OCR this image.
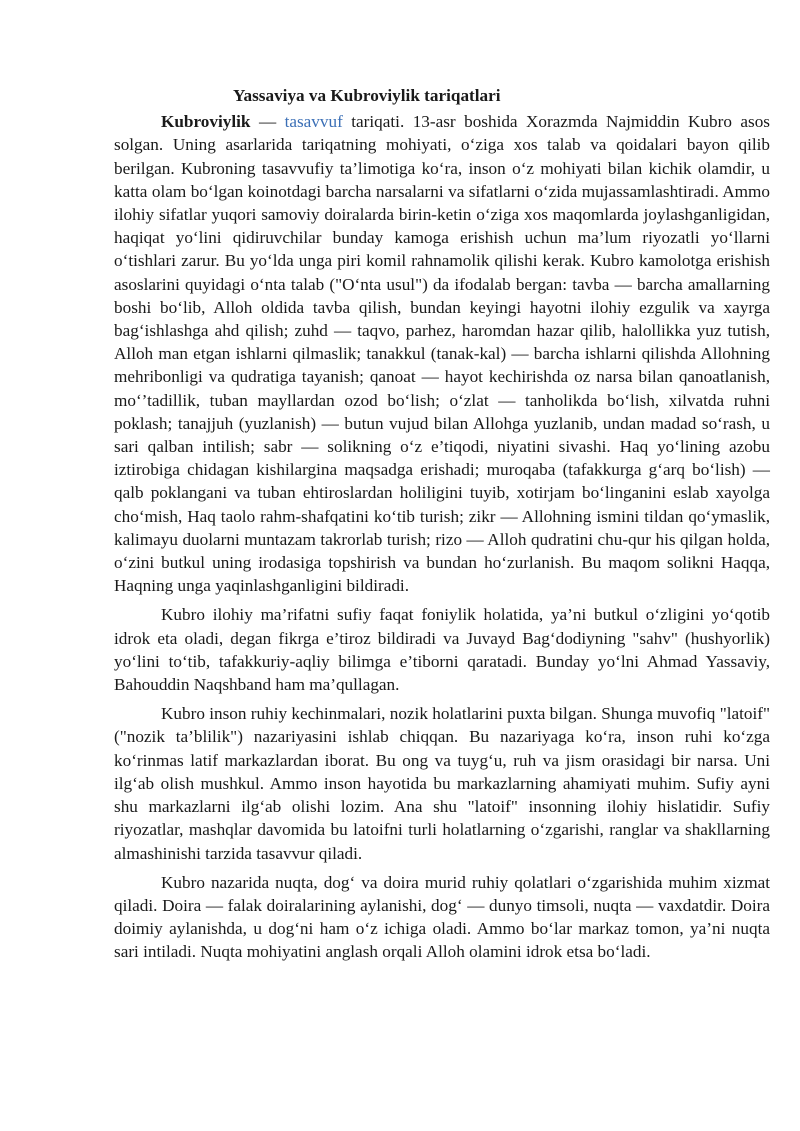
Yassaviya va Kubroviylik tariqatlari

Kubroviylik — tasavvuf tariqati. 13-asr boshida Xorazmda Najmiddin Kubro asos solgan. Uning asarlarida tariqatning mohiyati, o‘ziga xos talab va qoidalari bayon qilib berilgan. Kubroning tasavvufiy ta’limotiga ko‘ra, inson o‘z mohiyati bilan kichik olamdir, u katta olam bo‘lgan koinotdagi barcha narsalarni va sifatlarni o‘zida mujassamlashtiradi. Ammo ilohiy sifatlar yuqori samoviy doiralarda birin-ketin o‘ziga xos maqomlarda joylashganligidan, haqiqat yo‘lini qidiruvchilar bunday kamoga erishish uchun ma’lum riyozatli yo‘llarni o‘tishlari zarur. Bu yo‘lda unga piri komil rahnamolik qilishi kerak. Kubro kamolotga erishish asoslarini quyidagi o‘nta talab ("O‘nta usul") da ifodalab bergan: tavba — barcha amallarning boshi bo‘lib, Alloh oldida tavba qilish, bundan keyingi hayotni ilohiy ezgulik va xayrga bag‘ishlashga ahd qilish; zuhd — taqvo, parhez, haromdan hazar qilib, halollikka yuz tutish, Alloh man etgan ishlarni qilmaslik; tanakkul (tanak-kal) — barcha ishlarni qilishda Allohning mehribonligi va qudratiga tayanish; qanoat — hayot kechirishda oz narsa bilan qanoatlanish, mo‘’tadillik, tuban mayllardan ozod bo‘lish; o‘zlat — tanholikda bo‘lish, xilvatda ruhni poklash; tanajjuh (yuzlanish) — butun vujud bilan Allohga yuzlanib, undan madad so‘rash, u sari qalban intilish; sabr — solikning o‘z e’tiqodi, niyatini sivashi. Haq yo‘lining azobu iztirobiga chidagan kishilargina maqsadga erishadi; muroqaba (tafakkurga g‘arq bo‘lish) — qalb poklangani va tuban ehtiroslardan holiligini tuyib, xotirjam bo‘linganini eslab xayolga cho‘mish, Haq taolo rahm-shafqatini ko‘tib turish; zikr — Allohning ismini tildan qo‘ymaslik, kalimayu duolarni muntazam takrorlab turish; rizo — Alloh qudratini chu-qur his qilgan holda, o‘zini butkul uning irodasiga topshirish va bundan ho‘zurlanish. Bu maqom solikni Haqqa, Haqning unga yaqinlashganligini bildiradi.

Kubro ilohiy ma’rifatni sufiy faqat foniylik holatida, ya’ni butkul o‘zligini yo‘qotib idrok eta oladi, degan fikrga e’tiroz bildiradi va Juvayd Bag‘dodiyning "sahv" (hushyorlik) yo‘lini to‘tib, tafakkuriy-aqliy bilimga e’tiborni qaratadi. Bunday yo‘lni Ahmad Yassaviy, Bahouddin Naqshband ham ma’qullagan.

Kubro inson ruhiy kechinmalari, nozik holatlarini puxta bilgan. Shunga muvofiq "latoif" ("nozik ta’blilik") nazariyasini ishlab chiqqan. Bu nazariyaga ko‘ra, inson ruhi ko‘zga ko‘rinmas latif markazlardan iborat. Bu ong va tuyg‘u, ruh va jism orasidagi bir narsa. Uni ilg‘ab olish mushkul. Ammo inson hayotida bu markazlarning ahamiyati muhim. Sufiy ayni shu markazlarni ilg‘ab olishi lozim. Ana shu "latoif" insonning ilohiy hislatidir. Sufiy riyozatlar, mashqlar davomida bu latoifni turli holatlarning o‘zgarishi, ranglar va shakllarning almashinishi tarzida tasavvur qiladi.

Kubro nazarida nuqta, dog‘ va doira murid ruhiy qolatlari o‘zgarishida muhim xizmat qiladi. Doira — falak doiralarining aylanishi, dog‘ — dunyo timsoli, nuqta — vaxdatdir. Doira doimiy aylanishda, u dog‘ni ham o‘z ichiga oladi. Ammo bo‘lar markaz tomon, ya’ni nuqta sari intiladi. Nuqta mohiyatini anglash orqali Alloh olamini idrok etsa bo‘ladi.
